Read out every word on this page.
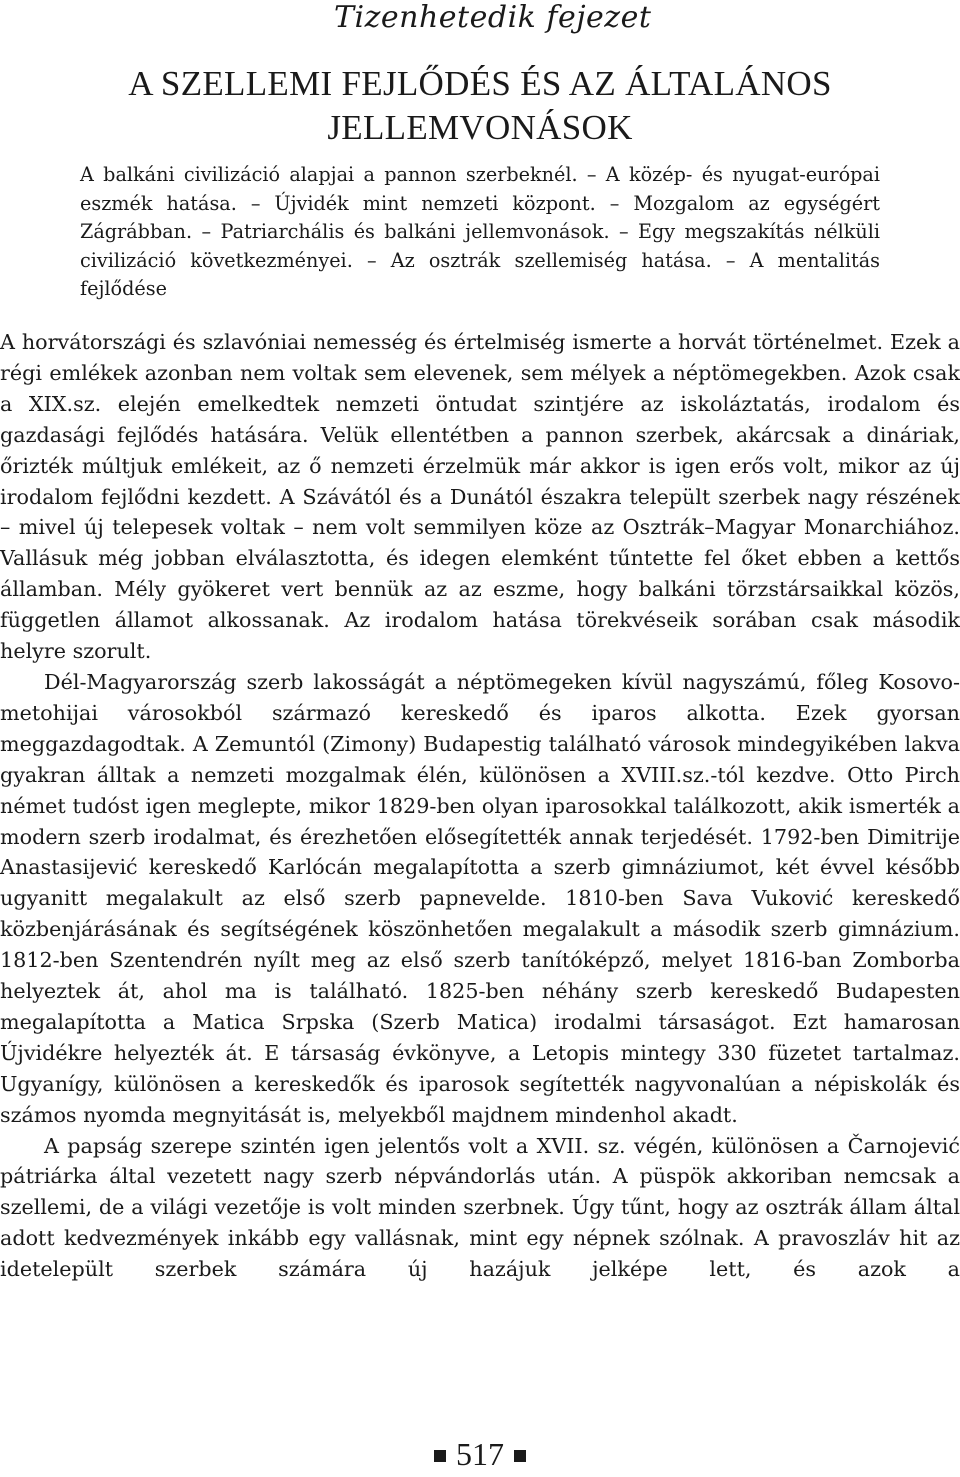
Tizenhetedik fejezet
A SZELLEMI FEJLŐDÉS ÉS AZ ÁLTALÁNOS JELLEMVONÁSOK
A balkáni civilizáció alapjai a pannon szerbeknél. – A közép- és nyugat-európai eszmék hatása. – Újvidék mint nemzeti központ. – Mozgalom az egységért Zágrábban. – Patriarchális és balkáni jellemvonások. – Egy megszakítás nélküli civilizáció következményei. – Az osztrák szellemiség hatása. – A mentalitás fejlődése

A horvátországi és szlavóniai nemesség és értelmiség ismerte a horvát történelmet. Ezek a régi emlékek azonban nem voltak sem elevenek, sem mélyek a néptömegekben. Azok csak a XIX.sz. elején emelkedtek nemzeti öntudat szintjére az iskoláztatás, irodalom és gazdasági fejlődés hatására. Velük ellentétben a pannon szerbek, akárcsak a dináriak, őrizték múltjuk emlékeit, az ő nemzeti érzelmük már akkor is igen erős volt, mikor az új irodalom fejlődni kezdett. A Szávától és a Dunától északra települt szerbek nagy részének – mivel új telepesek voltak – nem volt semmilyen köze az Osztrák–Magyar Monarchiához. Vallásuk még jobban elválasztotta, és idegen elemként tűntette fel őket ebben a kettős államban. Mély gyökeret vert bennük az az eszme, hogy balkáni törzstársaikkal közös, független államot alkossanak. Az irodalom hatása törekvéseik sorában csak második helyre szorult.

Dél-Magyarország szerb lakosságát a néptömegeken kívül nagyszámú, főleg Kosovo-metohijai városokból származó kereskedő és iparos alkotta. Ezek gyorsan meggazdagodtak. A Zemuntól (Zimony) Budapestig található városok mindegyikében lakva gyakran álltak a nemzeti mozgalmak élén, különösen a XVIII.sz.-tól kezdve. Otto Pirch német tudóst igen meglepte, mikor 1829-ben olyan iparosokkal találkozott, akik ismerték a modern szerb irodalmat, és érezhetően elősegítették annak terjedését. 1792-ben Dimitrije Anastasijević kereskedő Karlócán megalapította a szerb gimnáziumot, két évvel később ugyanitt megalakult az első szerb papnevelde. 1810-ben Sava Vuković kereskedő közbenjárásának és segítségének köszönhetően megalakult a második szerb gimnázium. 1812-ben Szentendrén nyílt meg az első szerb tanítóképző, melyet 1816-ban Zomborba helyeztek át, ahol ma is található. 1825-ben néhány szerb kereskedő Budapesten megalapította a Matica Srpska (Szerb Matica) irodalmi társaságot. Ezt hamarosan Újvidékre helyezték át. E társaság évkönyve, a Letopis mintegy 330 füzetet tartalmaz. Ugyanígy, különösen a kereskedők és iparosok segítették nagyvonalúan a népiskolák és számos nyomda megnyitását is, melyekből majdnem mindenhol akadt.

A papság szerepe szintén igen jelentős volt a XVII. sz. végén, különösen a Čarnojević pátriárka által vezetett nagy szerb népvándorlás után. A püspök akkoriban nemcsak a szellemi, de a világi vezetője is volt minden szerbnek. Úgy tűnt, hogy az osztrák állam által adott kedvezmények inkább egy vallásnak, mint egy népnek szólnak. A pravoszláv hit az idetelepült szerbek számára új hazájuk jelképe lett, és azok a

517
